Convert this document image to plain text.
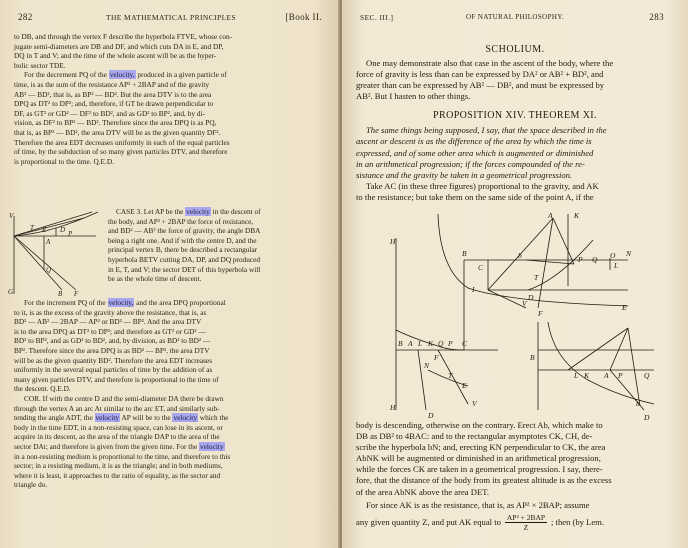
282	THE MATHEMATICAL PRINCIPLES	[Book II.

to DB, and through the vertex F describe the hyperbola FTVE, whose con-

jugate semi-diameters are DB and DF, and which cuts DA in E, and DP,

DQ in T and V; and the time of the whole ascent will be as the hyper-

bolic sector TDE.

For the decrement PQ of the velocity, produced in a given particle of

time, is as the sum of the resistance AP² + 2BAP and of the gravity

AB² — BD², that is, as BP² — BD². But the area DTV is to the area

DPQ as DT² to DP²; and, therefore, if GT be drawn perpendicular to

DF, as GT² or GD² — DF² to BD², and as GD² to BP², and, by di-

vision, as DF² to BP² — BD². Therefore since the area DPQ is as PQ,

that is, as BP² — BD², the area DTV will be as the given quantity DF².

Therefore the area EDT decreases uniformly in each of the equal particles

of time, by the subduction of so many given particles DTV, and therefore

is proportional to the time. Q.E.D.

V
T E D P
A
Q
B F
G

CASE 3. Let AP be the velocity in the descent of

the body, and AP² + 2BAP the force of resistance,

and BD² — AB² the force of gravity, the angle DBA

being a right one. And if with the centre D, and the

principal vertex B, there be described a rectangular

hyperbola BETV cutting DA, DP, and DQ produced

in E, T, and V; the sector DET of this hyperbola will

be as the whole time of descent.

For the increment PQ of the velocity, and the area DPQ proportional

to it, is as the excess of the gravity above the resistance, that is, as

BD² — AB² — 2BAP — AP² or BD² — BP². And the area DTV

is to the area DPQ as DT² to DP²; and therefore as GT² or GD² —

BD² to BP², and as GD² to BD², and, by division, as BD² to BD² —

BP². Therefore since the area DPQ is as BD² — BP², the area DTV

will be as the given quantity BD². Therefore the area EDT increases

uniformly in the several equal particles of time by the addition of as

many given particles DTV, and therefore is proportional to the time of

the descent. Q.E.D.

COR. If with the centre D and the semi-diameter DA there be drawn

through the vertex A an arc At similar to the arc ET, and similarly sub-

tending the angle ADT, the velocity AP will be to the velocity which the

body in the time EDT, in a non-resisting space, can lose in its ascent, or

acquire in its descent, as the area of the triangle DAP to the area of the

sector DAt; and therefore is given from the given time. For the velocity

in a non-resisting medium is proportional to the time, and therefore to this

sector; in a resisting medium, it is as the triangle; and in both mediums,

where it is least, it approaches to the ratio of equality, as the sector and

triangle do.

SEC. III.]	OF NATURAL PHILOSOPHY.	283

SCHOLIUM.

One may demonstrate also that case in the ascent of the body, where the

force of gravity is less than can be expressed by DA² or AB² + BD², and

greater than can be expressed by AB² — DB², and must be expressed by

AB². But I hasten to other things.

PROPOSITION XIV. THEOREM XI.

The same things being supposed, I say, that the space described in the

ascent or descent is as the difference of the area by which the time is

expressed, and of some other area which is augmented or diminished

in an arithmetical progression; if the forces compounded of the re-

sistance and the gravity be taken in a geometrical progression.

Take AC (in these three figures) proportional to the gravity, and AK

to the resistance; but take them on the same side of the point A, if the

H
b
A	K
N
C
B	O
P Q
L
T
V
D
F
E
I
H
B A L K Q P C
F
N
E
D
T
V
L K A P	Q
B
b
D

body is descending, otherwise on the contrary. Erect Ab, which make to

DB as DB² to 4BAC: and to the rectangular asymptotes CK, CH, de-

scribe the hyperbola bN; and, erecting KN perpendicular to CK, the area

AbNK will be augmented or diminished in an arithmetical progression,

while the forces CK are taken in a geometrical progression. I say, there-

fore, that the distance of the body from its greatest altitude is as the excess

of the area AbNK above the area DET.

For since AK is as the resistance, that is, as AP² × 2BAP; assume

any given quantity Z, and put AK equal to AP² + 2BAP
Z	; then (by Lem.
